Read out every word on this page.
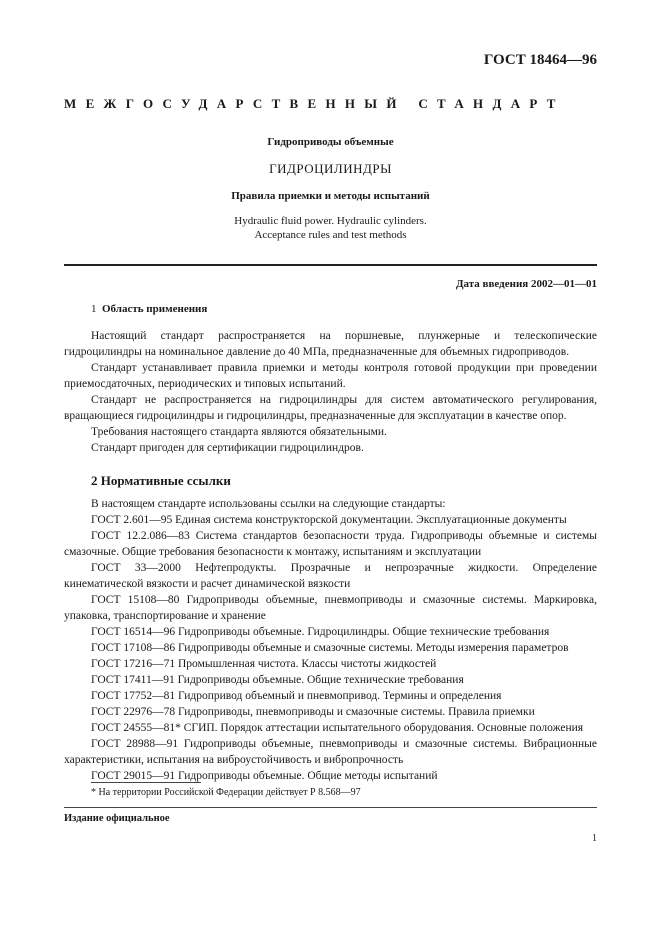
ГОСТ 18464—96
МЕЖГОСУДАРСТВЕННЫЙ СТАНДАРТ
Гидроприводы объемные
ГИДРОЦИЛИНДРЫ
Правила приемки и методы испытаний
Hydraulic fluid power. Hydraulic cylinders.
Acceptance rules and test methods
Дата введения 2002—01—01
1 Область применения

Настоящий стандарт распространяется на поршневые, плунжерные и телескопические гидроцилиндры на номинальное давление до 40 МПа, предназначенные для объемных гидроприводов.

Стандарт устанавливает правила приемки и методы контроля готовой продукции при проведении приемосдаточных, периодических и типовых испытаний.

Стандарт не распространяется на гидроцилиндры для систем автоматического регулирования, вращающиеся гидроцилиндры и гидроцилиндры, предназначенные для эксплуатации в качестве опор.

Требования настоящего стандарта являются обязательными.

Стандарт пригоден для сертификации гидроцилиндров.

2 Нормативные ссылки

В настоящем стандарте использованы ссылки на следующие стандарты:

ГОСТ 2.601—95 Единая система конструкторской документации. Эксплуатационные документы

ГОСТ 12.2.086—83 Система стандартов безопасности труда. Гидроприводы объемные и системы смазочные. Общие требования безопасности к монтажу, испытаниям и эксплуатации

ГОСТ 33—2000 Нефтепродукты. Прозрачные и непрозрачные жидкости. Определение кинематической вязкости и расчет динамической вязкости

ГОСТ 15108—80 Гидроприводы объемные, пневмоприводы и смазочные системы. Маркировка, упаковка, транспортирование и хранение

ГОСТ 16514—96 Гидроприводы объемные. Гидроцилиндры. Общие технические требования

ГОСТ 17108—86 Гидроприводы объемные и смазочные системы. Методы измерения параметров

ГОСТ 17216—71 Промышленная чистота. Классы чистоты жидкостей

ГОСТ 17411—91 Гидроприводы объемные. Общие технические требования

ГОСТ 17752—81 Гидропривод объемный и пневмопривод. Термины и определения

ГОСТ 22976—78 Гидроприводы, пневмоприводы и смазочные системы. Правила приемки

ГОСТ 24555—81* СГИП. Порядок аттестации испытательного оборудования. Основные положения

ГОСТ 28988—91 Гидроприводы объемные, пневмоприводы и смазочные системы. Вибрационные характеристики, испытания на виброустойчивость и вибропрочность

ГОСТ 29015—91 Гидроприводы объемные. Общие методы испытаний

* На территории Российской Федерации действует Р 8.568—97
Издание официальное
1
